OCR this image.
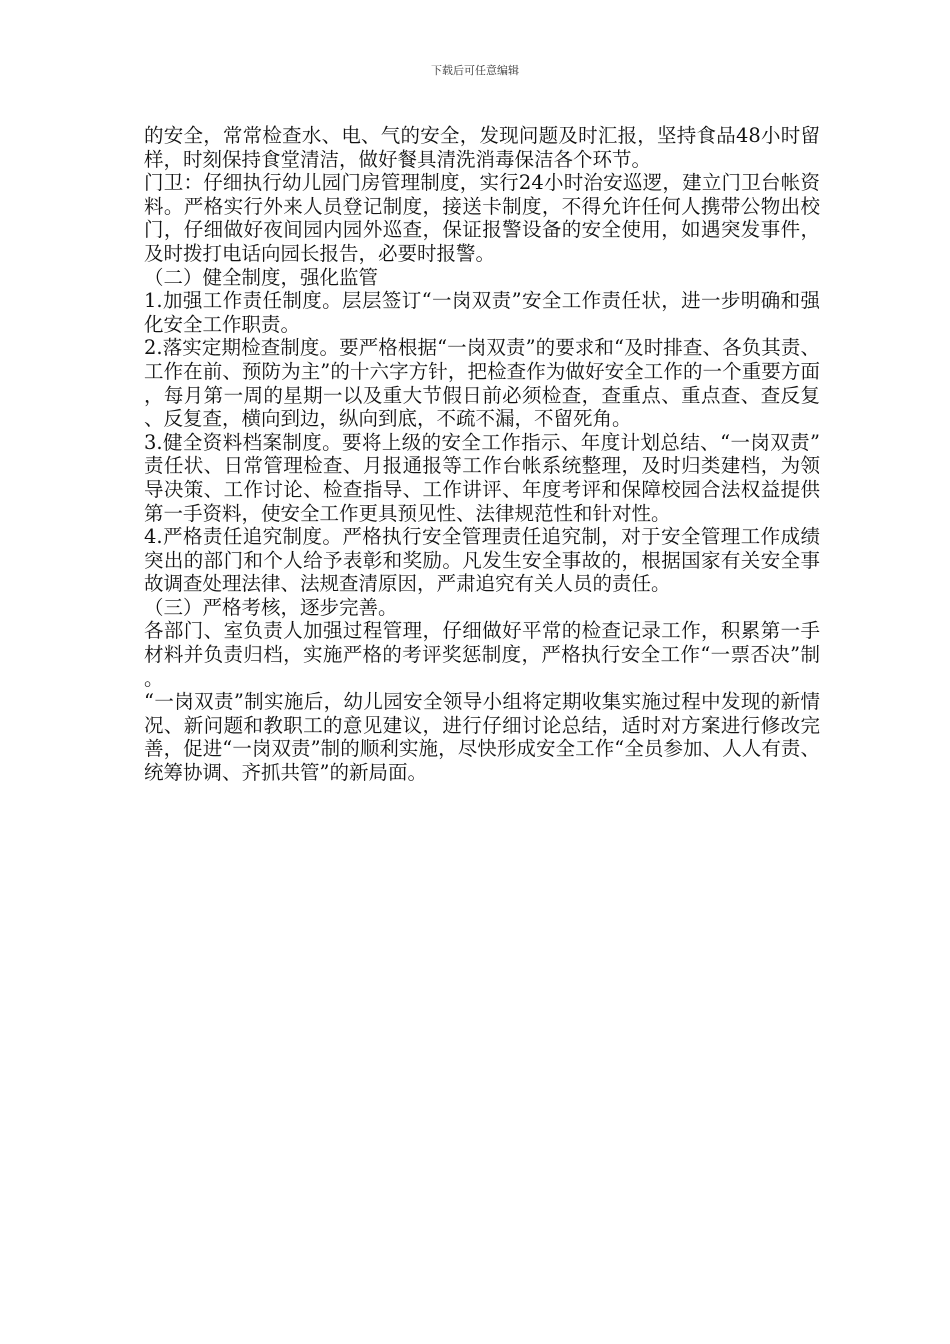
下载后可任意编辑

的安全，常常检查水、电、气的安全，发现问题及时汇报，坚持食品48小时留样，时刻保持食堂清洁，做好餐具清洗消毒保洁各个环节。

门卫：仔细执行幼儿园门房管理制度，实行24小时治安巡逻，建立门卫台帐资料。严格实行外来人员登记制度，接送卡制度，不得允许任何人携带公物出校门，仔细做好夜间园内园外巡查，保证报警设备的安全使用，如遇突发事件，及时拨打电话向园长报告，必要时报警。

（二）健全制度，强化监管

1.加强工作责任制度。层层签订“一岗双责”安全工作责任状，进一步明确和强化安全工作职责。

2.落实定期检查制度。要严格根据“一岗双责”的要求和“及时排查、各负其责、工作在前、预防为主”的十六字方针，把检查作为做好安全工作的一个重要方面，每月第一周的星期一以及重大节假日前必须检查，查重点、重点查、查反复、反复查，横向到边，纵向到底，不疏不漏，不留死角。

3.健全资料档案制度。要将上级的安全工作指示、年度计划总结、“一岗双责”责任状、日常管理检查、月报通报等工作台帐系统整理，及时归类建档，为领导决策、工作讨论、检查指导、工作讲评、年度考评和保障校园合法权益提供第一手资料，使安全工作更具预见性、法律规范性和针对性。

4.严格责任追究制度。严格执行安全管理责任追究制，对于安全管理工作成绩突出的部门和个人给予表彰和奖励。凡发生安全事故的，根据国家有关安全事故调查处理法律、法规查清原因，严肃追究有关人员的责任。

（三）严格考核，逐步完善。

各部门、室负责人加强过程管理，仔细做好平常的检查记录工作，积累第一手材料并负责归档，实施严格的考评奖惩制度，严格执行安全工作“一票否决”制。

“一岗双责”制实施后，幼儿园安全领导小组将定期收集实施过程中发现的新情况、新问题和教职工的意见建议，进行仔细讨论总结，适时对方案进行修改完善，促进“一岗双责”制的顺利实施，尽快形成安全工作“全员参加、人人有责、统筹协调、齐抓共管”的新局面。
